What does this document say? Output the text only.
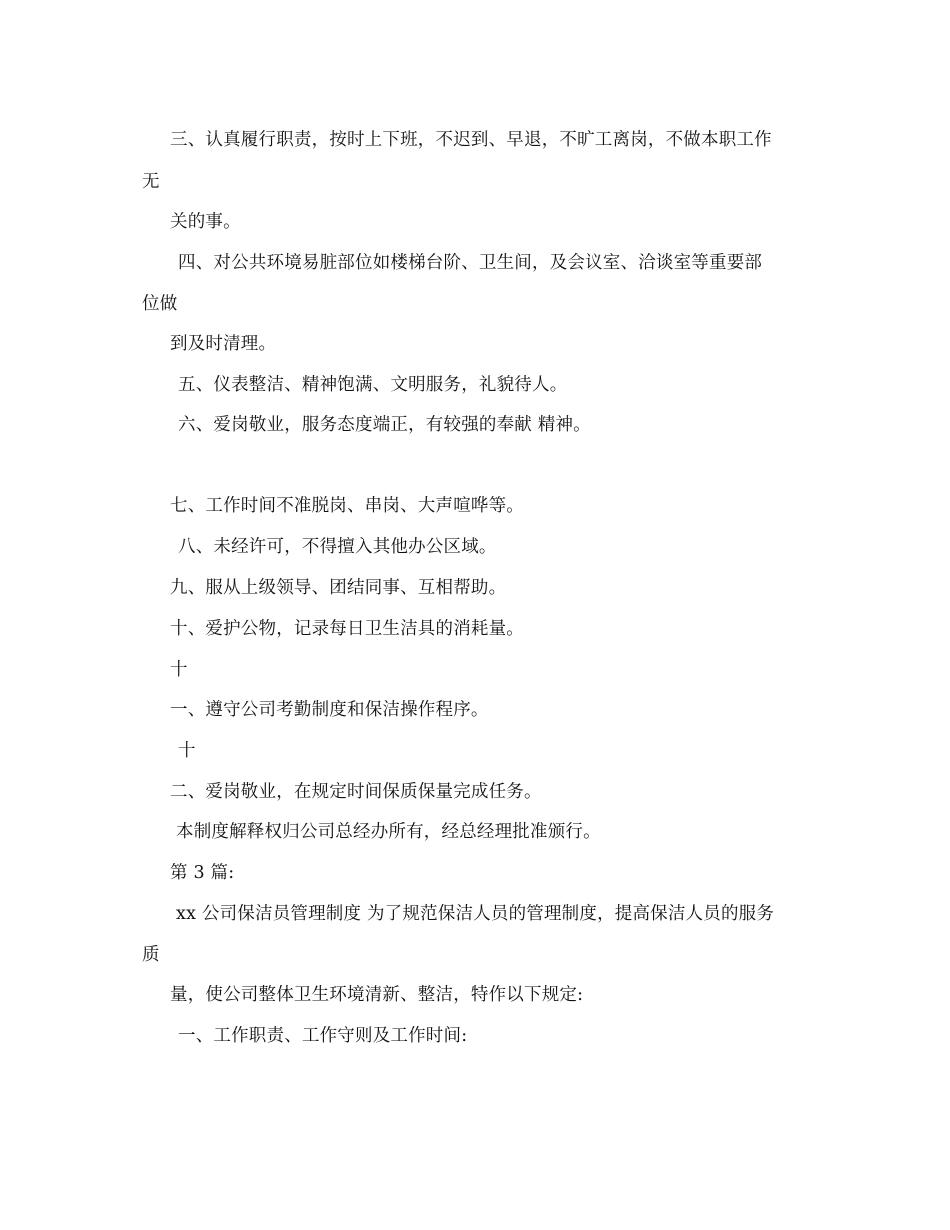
三、认真履行职责，按时上下班，不迟到、早退，不旷工离岗，不做本职工作
无
关的事。
四、对公共环境易脏部位如楼梯台阶、卫生间，及会议室、洽谈室等重要部
位做
到及时清理。
五、仪表整洁、精神饱满、文明服务，礼貌待人。
六、爱岗敬业，服务态度端正，有较强的奉献 精神。
七、工作时间不准脱岗、串岗、大声喧哗等。
八、未经许可，不得擅入其他办公区域。
九、服从上级领导、团结同事、互相帮助。
十、爱护公物，记录每日卫生洁具的消耗量。
十
一、遵守公司考勤制度和保洁操作程序。
十
二、爱岗敬业，在规定时间保质保量完成任务。
本制度解释权归公司总经办所有，经总经理批准颁行。
第 3 篇:
xx 公司保洁员管理制度 为了规范保洁人员的管理制度，提高保洁人员的服务
质
量，使公司整体卫生环境清新、整洁，特作以下规定:
一、工作职责、工作守则及工作时间:
